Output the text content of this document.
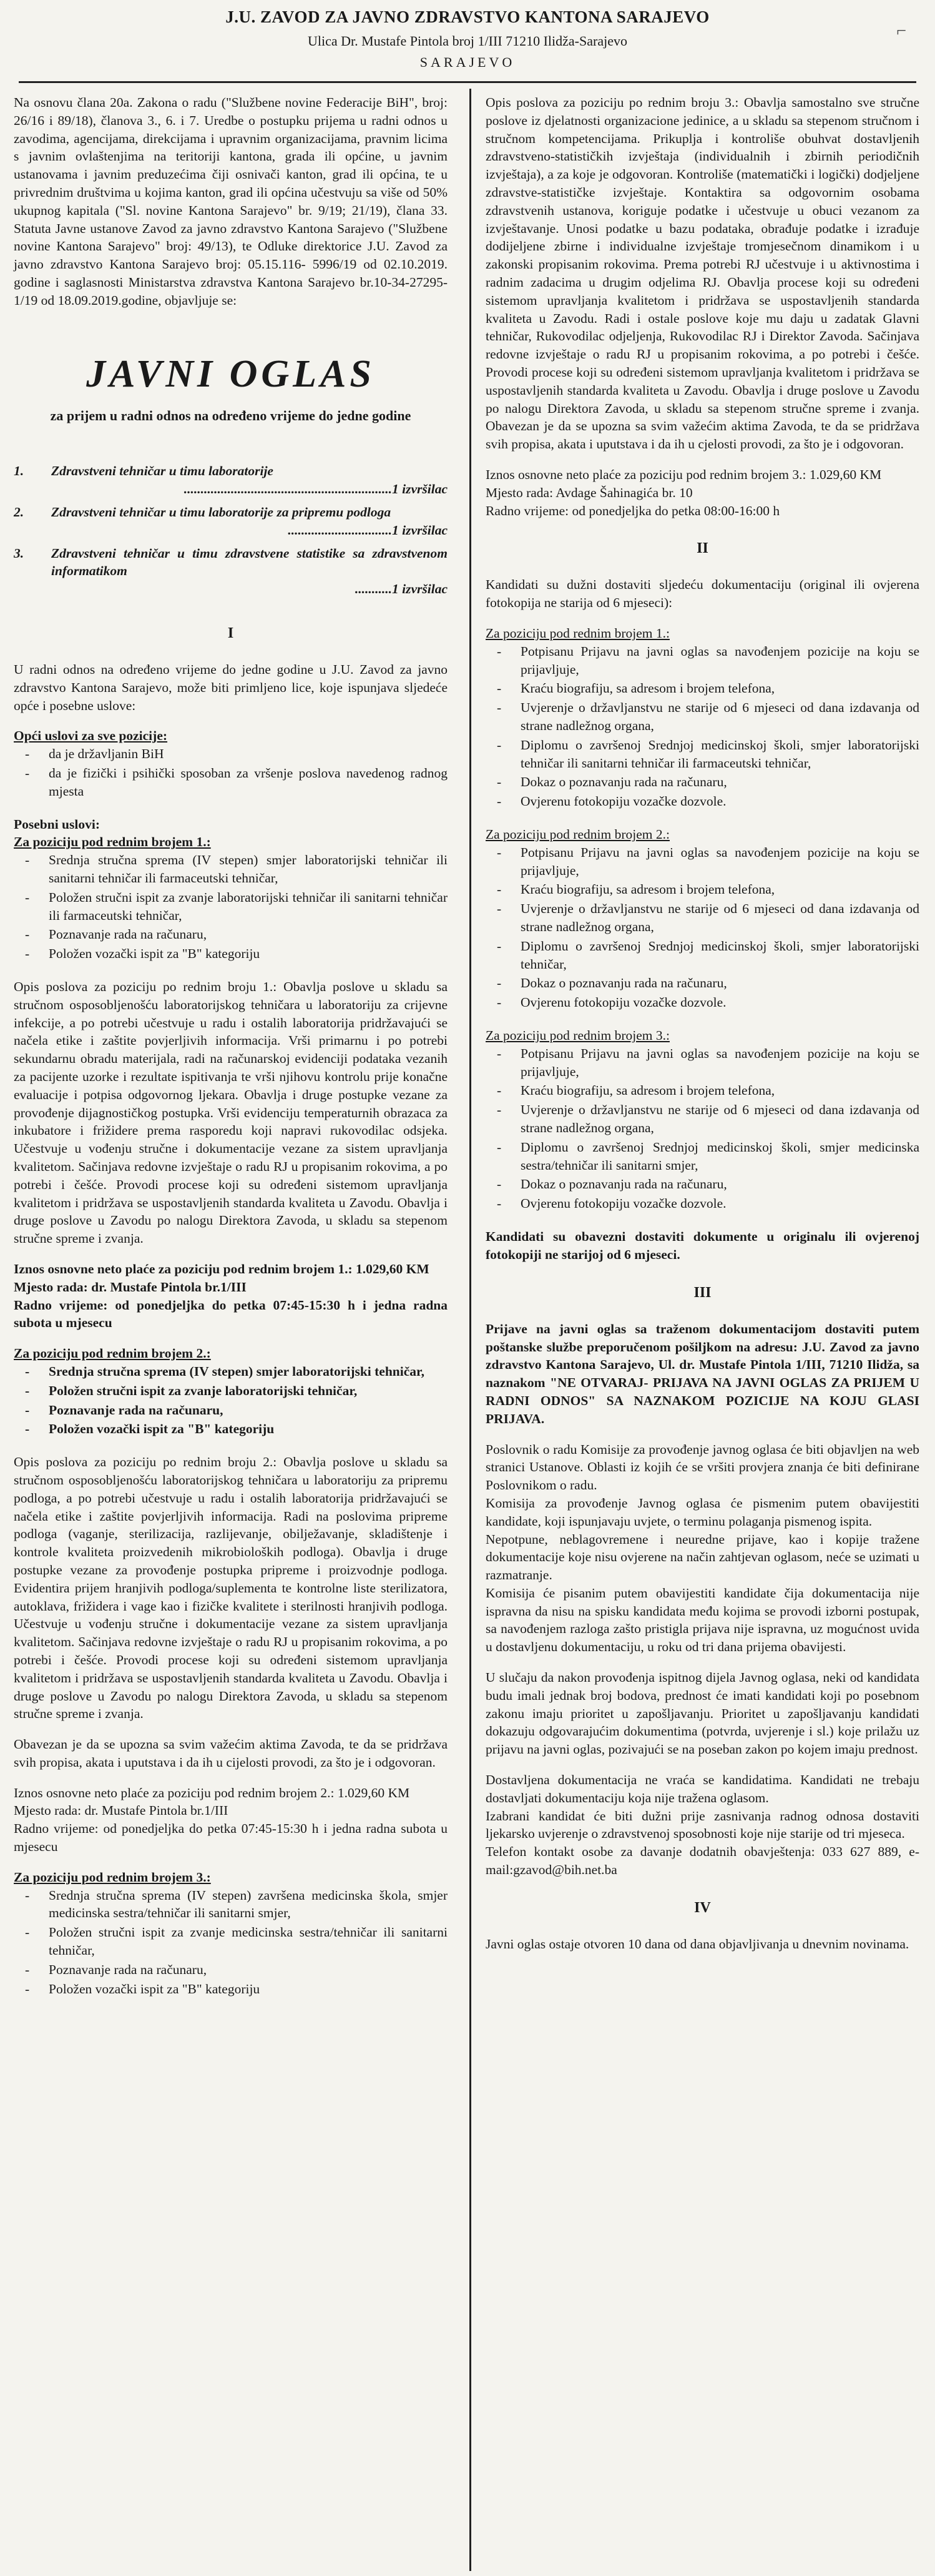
⌐
J.U. ZAVOD ZA JAVNO ZDRAVSTVO KANTONA SARAJEVO
Ulica Dr. Mustafe Pintola broj 1/III 71210 Ilidža-Sarajevo
SARAJEVO

Na osnovu člana 20a. Zakona o radu ("Službene novine Federacije BiH", broj: 26/16 i 89/18), članova 3., 6. i 7. Uredbe o postupku prijema u radni odnos u zavodima, agencijama, direkcijama i upravnim organizacijama, pravnim licima s javnim ovlaštenjima na teritoriji kantona, grada ili općine, u javnim ustanovama i javnim preduzećima čiji osnivači kanton, grad ili općina, te u privrednim društvima u kojima kanton, grad ili općina učestvuju sa više od 50% ukupnog kapitala ("Sl. novine Kantona Sarajevo" br. 9/19; 21/19), člana 33. Statuta Javne ustanove Zavod za javno zdravstvo Kantona Sarajevo ("Službene novine Kantona Sarajevo" broj: 49/13), te Odluke direktorice J.U. Zavod za javno zdravstvo Kantona Sarajevo broj: 05.15.116- 5996/19 od 02.10.2019. godine i saglasnosti Ministarstva zdravstva Kantona Sarajevo br.10-34-27295-1/19 od 18.09.2019.godine, objavljuje se:

JAVNI OGLAS
za prijem u radni odnos na određeno vrijeme do jedne godine
1.	Zdravstveni tehničar u timu laboratorije
..............................................................1 izvršilac
2.	Zdravstveni tehničar u timu laboratorije za pripremu podloga
...............................1 izvršilac
3.	Zdravstveni tehničar u timu zdravstvene statistike sa zdravstvenom informatikom
...........1 izvršilac
I

U radni odnos na određeno vrijeme do jedne godine u J.U. Zavod za javno zdravstvo Kantona Sarajevo, može biti primljeno lice, koje ispunjava sljedeće opće i posebne uslove:

Opći uslovi za sve pozicije:
- da je državljanin BiH
- da je fizički i psihički sposoban za vršenje poslova navedenog radnog mjesta
Posebni uslovi:
Za poziciju pod rednim brojem 1.:
- Srednja stručna sprema (IV stepen) smjer laboratorijski tehničar ili sanitarni tehničar ili farmaceutski tehničar,
- Položen stručni ispit za zvanje laboratorijski tehničar ili sanitarni tehničar ili farmaceutski tehničar,
- Poznavanje rada na računaru,
- Položen vozački ispit za "B" kategoriju

Opis poslova za poziciju po rednim broju 1.: Obavlja poslove u skladu sa stručnom osposobljenošću laboratorijskog tehničara u laboratoriju za crijevne infekcije, a po potrebi učestvuje u radu i ostalih laboratorija pridržavajući se načela etike i zaštite povjerljivih informacija. Vrši primarnu i po potrebi sekundarnu obradu materijala, radi na računarskoj evidenciji podataka vezanih za pacijente uzorke i rezultate ispitivanja te vrši njihovu kontrolu prije konačne evaluacije i potpisa odgovornog ljekara. Obavlja i druge postupke vezane za provođenje dijagnostičkog postupka. Vrši evidenciju temperaturnih obrazaca za inkubatore i frižidere prema rasporedu koji napravi rukovodilac odsjeka. Učestvuje u vođenju stručne i dokumentacije vezane za sistem upravljanja kvalitetom. Sačinjava redovne izvještaje o radu RJ u propisanim rokovima, a po potrebi i češće. Provodi procese koji su određeni sistemom upravljanja kvalitetom i pridržava se uspostavljenih standarda kvaliteta u Zavodu. Obavlja i druge poslove u Zavodu po nalogu Direktora Zavoda, u skladu sa stepenom stručne spreme i zvanja.

Iznos osnovne neto plaće za poziciju pod rednim brojem 1.: 1.029,60 KM
Mjesto rada: dr. Mustafe Pintola br.1/III

Radno vrijeme: od ponedjeljka do petka 07:45-15:30 h i jedna radna subota u mjesecu

Za poziciju pod rednim brojem 2.:
- Srednja stručna sprema (IV stepen) smjer laboratorijski tehničar,
- Položen stručni ispit za zvanje laboratorijski tehničar,
- Poznavanje rada na računaru,
- Položen vozački ispit za "B" kategoriju

Opis poslova za poziciju po rednim broju 2.: Obavlja poslove u skladu sa stručnom osposobljenošću laboratorijskog tehničara u laboratoriju za pripremu podloga, a po potrebi učestvuje u radu i ostalih laboratorija pridržavajući se načela etike i zaštite povjerljivih informacija. Radi na poslovima pripreme podloga (vaganje, sterilizacija, razlijevanje, obilježavanje, skladištenje i kontrole kvaliteta proizvedenih mikrobioloških podloga). Obavlja i druge postupke vezane za provođenje postupka pripreme i proizvodnje podloga. Evidentira prijem hranjivih podloga/suplementa te kontrolne liste sterilizatora, autoklava, frižidera i vage kao i fizičke kvalitete i sterilnosti hranjivih podloga. Učestvuje u vođenju stručne i dokumentacije vezane za sistem upravljanja kvalitetom. Sačinjava redovne izvještaje o radu RJ u propisanim rokovima, a po potrebi i češće. Provodi procese koji su određeni sistemom upravljanja kvalitetom i pridržava se uspostavljenih standarda kvaliteta u Zavodu. Obavlja i druge poslove u Zavodu po nalogu Direktora Zavoda, u skladu sa stepenom stručne spreme i zvanja.

Obavezan je da se upozna sa svim važećim aktima Zavoda, te da se pridržava svih propisa, akata i uputstava i da ih u cijelosti provodi, za što je i odgovoran.

Iznos osnovne neto plaće za poziciju pod rednim brojem 2.: 1.029,60 KM
Mjesto rada: dr. Mustafe Pintola br.1/III

Radno vrijeme: od ponedjeljka do petka 07:45-15:30 h i jedna radna subota u mjesecu

Za poziciju pod rednim brojem 3.:
- Srednja stručna sprema (IV stepen) završena medicinska škola, smjer medicinska sestra/tehničar ili sanitarni smjer,
- Položen stručni ispit za zvanje medicinska sestra/tehničar ili sanitarni tehničar,
- Poznavanje rada na računaru,
- Položen vozački ispit za "B" kategoriju

Opis poslova za poziciju po rednim broju 3.: Obavlja samostalno sve stručne poslove iz djelatnosti organizacione jedinice, a u skladu sa stepenom stručnom i stručnom kompetencijama. Prikuplja i kontroliše obuhvat dostavljenih zdravstveno-statističkih izvještaja (individualnih i zbirnih periodičnih izvještaja), a za koje je odgovoran. Kontroliše (matematički i logički) dodjeljene zdravstve-statističke izvještaje. Kontaktira sa odgovornim osobama zdravstvenih ustanova, koriguje podatke i učestvuje u obuci vezanom za izvještavanje. Unosi podatke u bazu podataka, obrađuje podatke i izrađuje dodijeljene zbirne i individualne izvještaje tromjesečnom dinamikom i u zakonski propisanim rokovima. Prema potrebi RJ učestvuje i u aktivnostima i radnim zadacima u drugim odjelima RJ. Obavlja procese koji su određeni sistemom upravljanja kvalitetom i pridržava se uspostavljenih standarda kvaliteta u Zavodu. Radi i ostale poslove koje mu daju u zadatak Glavni tehničar, Rukovodilac odjeljenja, Rukovodilac RJ i Direktor Zavoda. Sačinjava redovne izvještaje o radu RJ u propisanim rokovima, a po potrebi i češće. Provodi procese koji su određeni sistemom upravljanja kvalitetom i pridržava se uspostavljenih standarda kvaliteta u Zavodu. Obavlja i druge poslove u Zavodu po nalogu Direktora Zavoda, u skladu sa stepenom stručne spreme i zvanja. Obavezan je da se upozna sa svim važećim aktima Zavoda, te da se pridržava svih propisa, akata i uputstava i da ih u cjelosti provodi, za što je i odgovoran.

Iznos osnovne neto plaće za poziciju pod rednim brojem 3.: 1.029,60 KM
Mjesto rada: Avdage Šahinagića br. 10

Radno vrijeme: od ponedjeljka do petka 08:00-16:00 h

II

Kandidati su dužni dostaviti sljedeću dokumentaciju (original ili ovjerena fotokopija ne starija od 6 mjeseci):

Za poziciju pod rednim brojem 1.:
- Potpisanu Prijavu na javni oglas sa navođenjem pozicije na koju se prijavljuje,
- Kraću biografiju, sa adresom i brojem telefona,
- Uvjerenje o državljanstvu ne starije od 6 mjeseci od dana izdavanja od strane nadležnog organa,
- Diplomu o završenoj Srednjoj medicinskoj školi, smjer laboratorijski tehničar ili sanitarni tehničar ili farmaceutski tehničar,
- Dokaz o poznavanju rada na računaru,
- Ovjerenu fotokopiju vozačke dozvole.
Za poziciju pod rednim brojem 2.:
- Potpisanu Prijavu na javni oglas sa navođenjem pozicije na koju se prijavljuje,
- Kraću biografiju, sa adresom i brojem telefona,
- Uvjerenje o državljanstvu ne starije od 6 mjeseci od dana izdavanja od strane nadležnog organa,
- Diplomu o završenoj Srednjoj medicinskoj školi, smjer laboratorijski tehničar,
- Dokaz o poznavanju rada na računaru,
- Ovjerenu fotokopiju vozačke dozvole.
Za poziciju pod rednim brojem 3.:
- Potpisanu Prijavu na javni oglas sa navođenjem pozicije na koju se prijavljuje,
- Kraću biografiju, sa adresom i brojem telefona,
- Uvjerenje o državljanstvu ne starije od 6 mjeseci od dana izdavanja od strane nadležnog organa,
- Diplomu o završenoj Srednjoj medicinskoj školi, smjer medicinska sestra/tehničar ili sanitarni smjer,
- Dokaz o poznavanju rada na računaru,
- Ovjerenu fotokopiju vozačke dozvole.

Kandidati su obavezni dostaviti dokumente u originalu ili ovjerenoj fotokopiji ne starijoj od 6 mjeseci.

III

Prijave na javni oglas sa traženom dokumentacijom dostaviti putem poštanske službe preporučenom pošiljkom na adresu: J.U. Zavod za javno zdravstvo Kantona Sarajevo, Ul. dr. Mustafe Pintola 1/III, 71210 Ilidža, sa naznakom "NE OTVARAJ- PRIJAVA NA JAVNI OGLAS ZA PRIJEM U RADNI ODNOS" SA NAZNAKOM POZICIJE NA KOJU GLASI PRIJAVA.

Poslovnik o radu Komisije za provođenje javnog oglasa će biti objavljen na web stranici Ustanove. Oblasti iz kojih će se vršiti provjera znanja će biti definirane Poslovnikom o radu.

Komisija za provođenje Javnog oglasa će pismenim putem obavijestiti kandidate, koji ispunjavaju uvjete, o terminu polaganja pismenog ispita.

Nepotpune, neblagovremene i neuredne prijave, kao i kopije tražene dokumentacije koje nisu ovjerene na način zahtjevan oglasom, neće se uzimati u razmatranje.

Komisija će pisanim putem obavijestiti kandidate čija dokumentacija nije ispravna da nisu na spisku kandidata među kojima se provodi izborni postupak, sa navođenjem razloga zašto pristigla prijava nije ispravna, uz mogućnost uvida u dostavljenu dokumentaciju, u roku od tri dana prijema obavijesti.

U slučaju da nakon provođenja ispitnog dijela Javnog oglasa, neki od kandidata budu imali jednak broj bodova, prednost će imati kandidati koji po posebnom zakonu imaju prioritet u zapošljavanju. Prioritet u zapošljavanju kandidati dokazuju odgovarajućim dokumentima (potvrda, uvjerenje i sl.) koje prilažu uz prijavu na javni oglas, pozivajući se na poseban zakon po kojem imaju prednost.

Dostavljena dokumentacija ne vraća se kandidatima. Kandidati ne trebaju dostavljati dokumentaciju koja nije tražena oglasom.

Izabrani kandidat će biti dužni prije zasnivanja radnog odnosa dostaviti ljekarsko uvjerenje o zdravstvenoj sposobnosti koje nije starije od tri mjeseca.

Telefon kontakt osobe za davanje dodatnih obavještenja: 033 627 889, e-mail:gzavod@bih.net.ba

IV

Javni oglas ostaje otvoren 10 dana od dana objavljivanja u dnevnim novinama.
